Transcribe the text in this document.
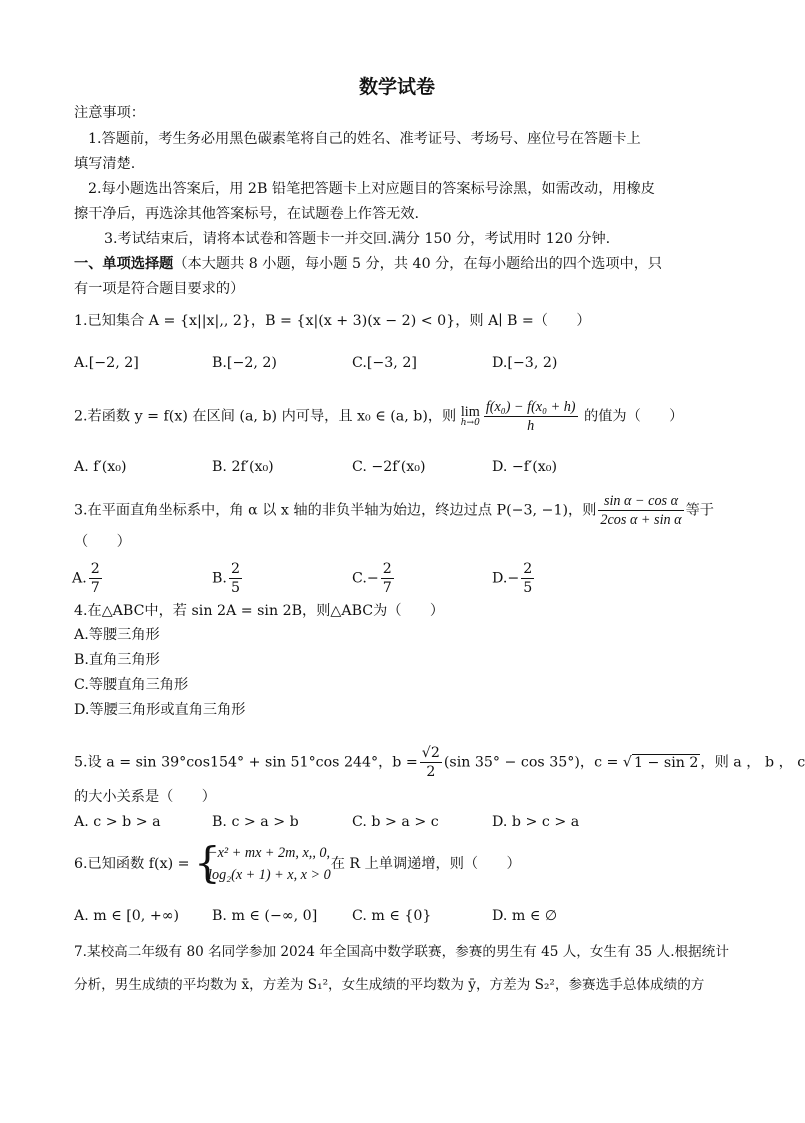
数学试卷
注意事项：
1.答题前，考生务必用黑色碳素笔将自己的姓名、准考证号、考场号、座位号在答题卡上
填写清楚.
2.每小题选出答案后，用 2B 铅笔把答题卡上对应题目的答案标号涂黑，如需改动，用橡皮
擦干净后，再选涂其他答案标号，在试题卷上作答无效.
3.考试结束后，请将本试卷和答题卡一并交回.满分 150 分，考试用时 120 分钟.
一、单项选择题（本大题共 8 小题，每小题 5 分，共 40 分，在每小题给出的四个选项中，只
有一项是符合题目要求的）
1.已知集合 A = {x||x|,, 2}，B = {x|(x + 3)(x − 2) < 0}，则 A∣ B =（　　）
A.[−2, 2]	B.[−2, 2)	C.[−3, 2]	D.[−3, 2)
2.若函数 y = f(x) 在区间 (a, b) 内可导，且 x₀ ∈ (a, b)，则 lim
$h\to 0 \frac{\text{f(x₀) − f(x₀ + h)}}{h}$ 的值为（　　）
A. f′(x₀)	B. 2f′(x₀)	C. −2f′(x₀)	D. −f′(x₀)
3.在平面直角坐标系中，角 α 以 x 轴的非负半轴为始边，终边过点 P(−3, −1)，则 $\frac{\text{sin α − cos α}}{\text{2cos α + sin α}}$ 等于
（　　）
A. $\frac{2}{7}$	B. $\frac{2}{5}$	$C.- \frac{2}{7}$	$D.- \frac{2}{5}$
4.在△ABC中，若 sin 2A = sin 2B，则△ABC为（　　）
A.等腰三角形
B.直角三角形
C.等腰直角三角形
D.等腰三角形或直角三角形
5.设 a = sin 39°cos154° + sin 51°cos 244°，$b = \frac{√2}{2} (\sin$ 35° − cos 35°)，c = √ 1 − sin 2 ，则 a ， b ， c
的大小关系是（　　）
A. c > b > a	B. c > a > b	C. b > a > c	D. b > c > a
6.已知函数 f(x) = {
−x² + mx + 2m, x,, 0,
log₂(x + 1) + x, x > 0
在 R 上单调递增，则（　　）
A. m ∈ [0, +∞) B. m ∈ (−∞, 0] C. m ∈ {0}	D. m ∈ ∅
7.某校高二年级有 80 名同学参加 2024 年全国高中数学联赛，参赛的男生有 45 人，女生有 35 人.根据统计
分析，男生成绩的平均数为 x̄，方差为 S₁²，女生成绩的平均数为 ȳ，方差为 S₂²，参赛选手总体成绩的方
